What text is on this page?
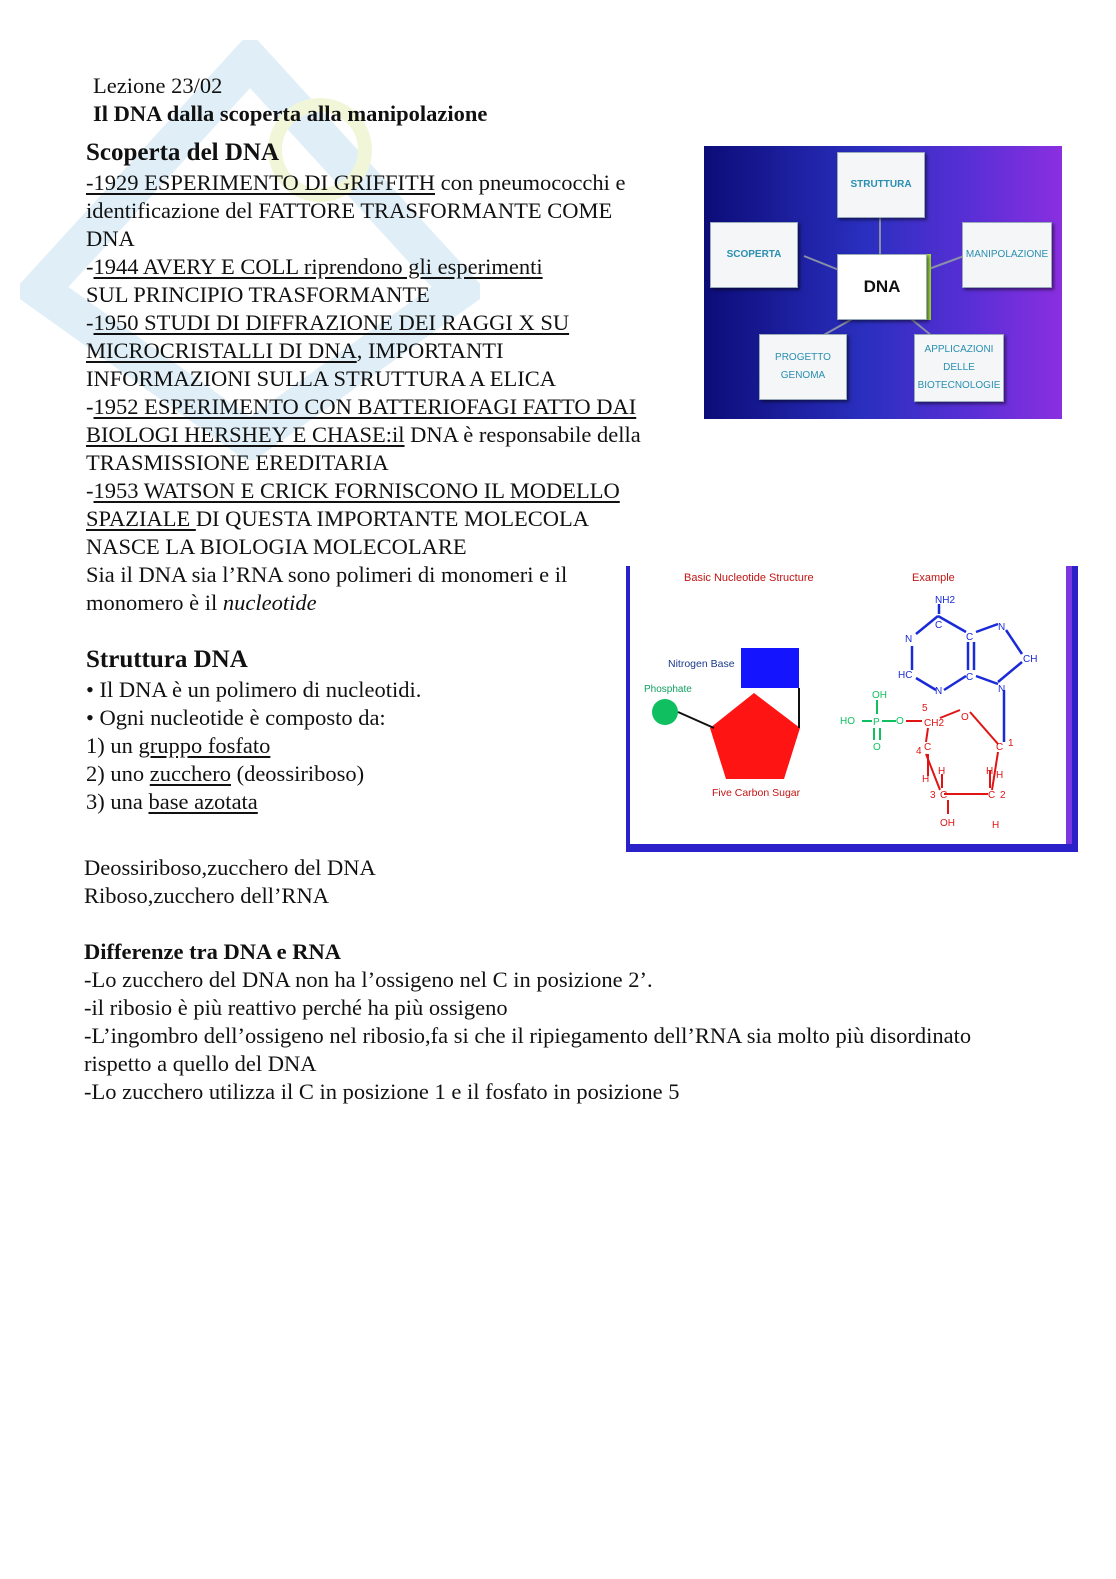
Lezione 23/02
Il DNA dalla scoperta alla manipolazione
Scoperta del DNA
-1929 ESPERIMENTO DI GRIFFITH con pneumococchi e
identificazione del FATTORE TRASFORMANTE COME
DNA
-1944 AVERY E COLL riprendono gli esperimenti
SUL PRINCIPIO TRASFORMANTE
-1950 STUDI DI DIFFRAZIONE DEI RAGGI X SU
MICROCRISTALLI DI DNA, IMPORTANTI
INFORMAZIONI SULLA STRUTTURA A ELICA
-1952 ESPERIMENTO CON BATTERIOFAGI FATTO DAI
BIOLOGI HERSHEY E CHASE:il DNA è responsabile della
TRASMISSIONE EREDITARIA
-1953 WATSON E CRICK FORNISCONO IL MODELLO
SPAZIALE DI QUESTA IMPORTANTE MOLECOLA
NASCE LA BIOLOGIA MOLECOLARE
Sia il DNA sia l’RNA sono polimeri di monomeri e il
monomero è il nucleotide
Struttura DNA
• Il DNA è un polimero di nucleotidi.
• Ogni nucleotide è composto da:
1) un gruppo fosfato
2) uno zucchero (deossiriboso)
3) una base azotata
Deossiriboso,zucchero del DNA
Riboso,zucchero dell’RNA
Differenze tra DNA e RNA
-Lo zucchero del DNA non ha l’ossigeno nel C in posizione 2’.
-il ribosio è più reattivo perché ha più ossigeno
-L’ingombro dell’ossigeno nel ribosio,fa si che il ripiegamento dell’RNA sia molto più disordinato
rispetto a quello del DNA
-Lo zucchero utilizza il C in posizione 1 e il fosfato in posizione 5
STRUTTURA
SCOPERTA
DNA
MANIPOLAZIONE
PROGETTO
GENOMA
APPLICAZIONI
DELLE
BIOTECNOLOGIE
Basic Nucleotide Structure	Example
Nitrogen Base
Phosphate
Five Carbon Sugar
NH2
C
N	C
N
CH
HC	C
N	N
OH
HO P O
O
5
CH2
O
4 C	C 1
H
H	H H
3 C	C 2
OH	H
